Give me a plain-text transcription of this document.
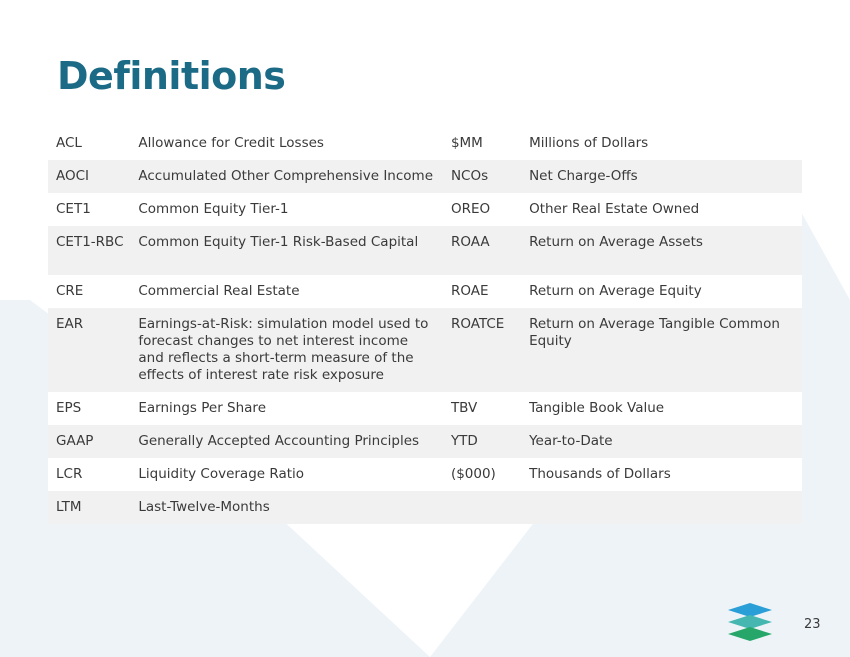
Definitions
ACL	Allowance for Credit Losses	$MM	Millions of Dollars
AOCI	Accumulated Other Comprehensive Income	NCOs	Net Charge-Offs
CET1	Common Equity Tier-1	OREO	Other Real Estate Owned
CET1-RBC	Common Equity Tier-1 Risk-Based Capital	ROAA	Return on Average Assets
CRE	Commercial Real Estate	ROAE	Return on Average Equity
EAR	Earnings-at-Risk: simulation model used to forecast changes to net interest income and reflects a short-term measure of the effects of interest rate risk exposure	ROATCE	Return on Average Tangible Common Equity
EPS	Earnings Per Share	TBV	Tangible Book Value
GAAP	Generally Accepted Accounting Principles	YTD	Year-to-Date
LCR	Liquidity Coverage Ratio	($000)	Thousands of Dollars
LTM	Last-Twelve-Months		
23
